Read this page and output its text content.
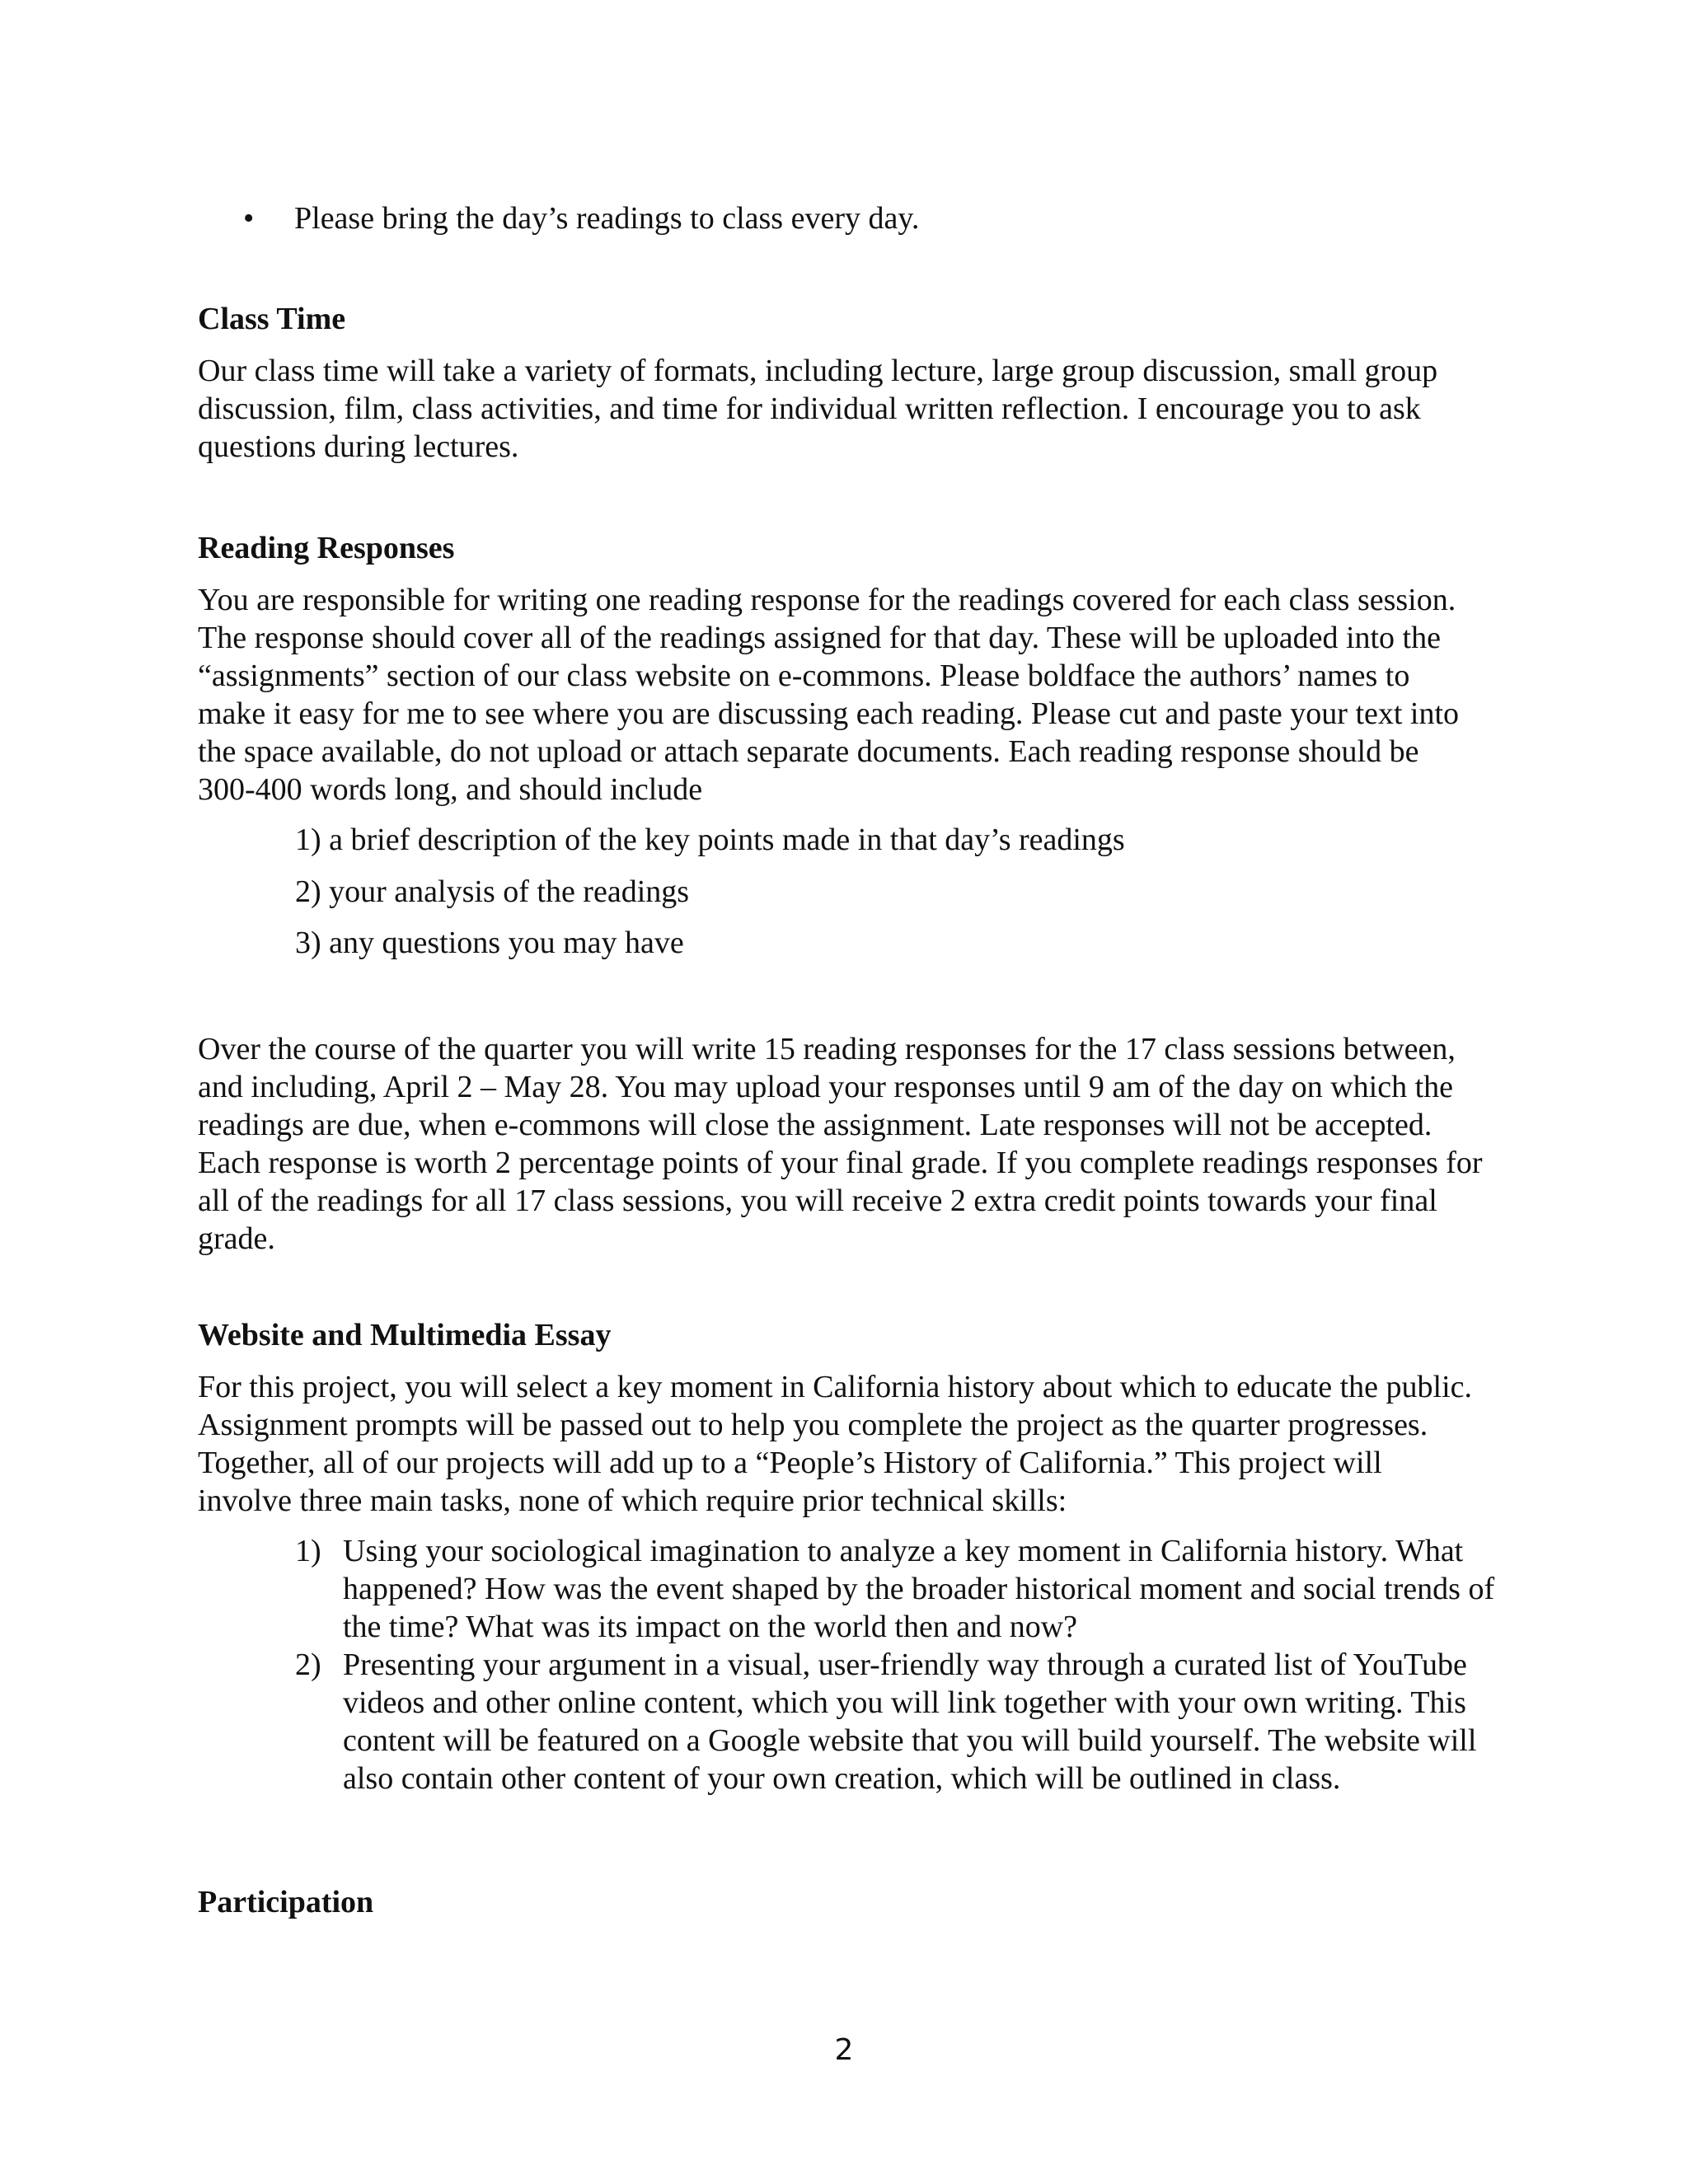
•	Please bring the day’s readings to class every day.
Class Time

Our class time will take a variety of formats, including lecture, large group discussion, small group discussion, film, class activities, and time for individual written reflection. I encourage you to ask questions during lectures.

Reading Responses

You are responsible for writing one reading response for the readings covered for each class session. The response should cover all of the readings assigned for that day. These will be uploaded into the “assignments” section of our class website on e-commons. Please boldface the authors’ names to make it easy for me to see where you are discussing each reading. Please cut and paste your text into the space available, do not upload or attach separate documents. Each reading response should be 300-400 words long, and should include

1) a brief description of the key points made in that day’s readings

2) your analysis of the readings

3) any questions you may have

Over the course of the quarter you will write 15 reading responses for the 17 class sessions between, and including, April 2 – May 28. You may upload your responses until 9 am of the day on which the readings are due, when e-commons will close the assignment. Late responses will not be accepted. Each response is worth 2 percentage points of your final grade. If you complete readings responses for all of the readings for all 17 class sessions, you will receive 2 extra credit points towards your final grade.

Website and Multimedia Essay

For this project, you will select a key moment in California history about which to educate the public. Assignment prompts will be passed out to help you complete the project as the quarter progresses. Together, all of our projects will add up to a “People’s History of California.” This project will involve three main tasks, none of which require prior technical skills:

1) Using your sociological imagination to analyze a key moment in California history. What happened? How was the event shaped by the broader historical moment and social trends of the time? What was its impact on the world then and now?
2) Presenting your argument in a visual, user-friendly way through a curated list of YouTube videos and other online content, which you will link together with your own writing. This content will be featured on a Google website that you will build yourself. The website will also contain other content of your own creation, which will be outlined in class.
Participation
2
